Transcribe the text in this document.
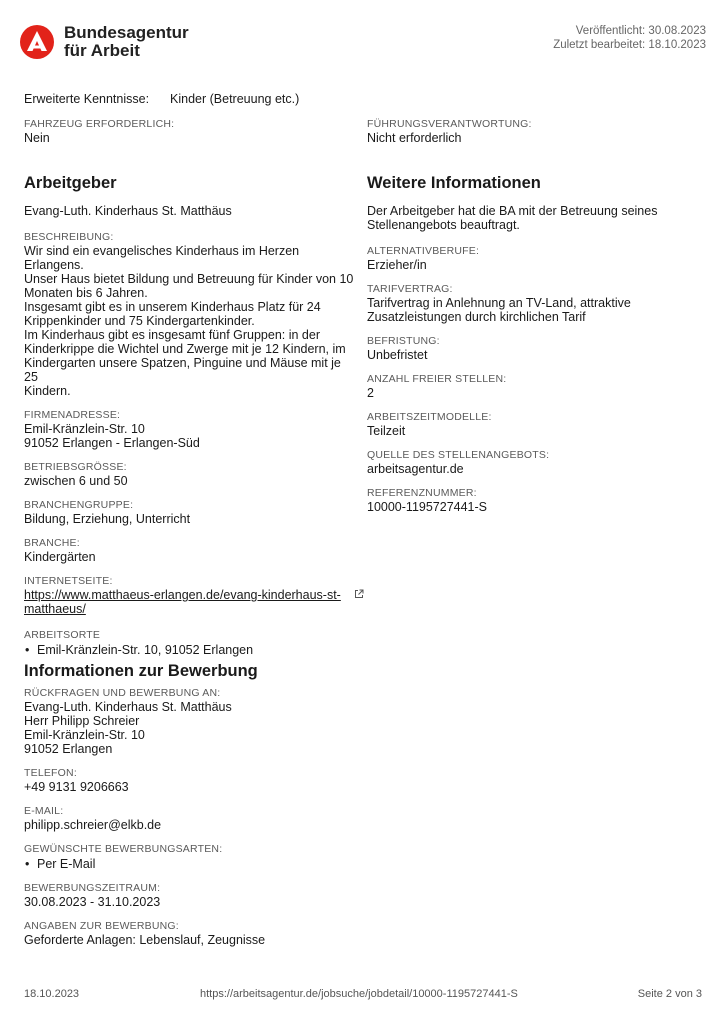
Bundesagentur
für Arbeit
Veröffentlicht: 30.08.2023
Zuletzt bearbeitet: 18.10.2023
Erweiterte Kenntnisse: Kinder (Betreuung etc.)
FAHRZEUG ERFORDERLICH:
Nein
FÜHRUNGSVERANTWORTUNG:
Nicht erforderlich
Arbeitgeber
Evang-Luth. Kinderhaus St. Matthäus
BESCHREIBUNG:
Wir sind ein evangelisches Kinderhaus im Herzen Erlangens.
Unser Haus bietet Bildung und Betreuung für Kinder von 10
Monaten bis 6 Jahren.
Insgesamt gibt es in unserem Kinderhaus Platz für 24
Krippenkinder und 75 Kindergartenkinder.
Im Kinderhaus gibt es insgesamt fünf Gruppen: in der
Kinderkrippe die Wichtel und Zwerge mit je 12 Kindern, im
Kindergarten unsere Spatzen, Pinguine und Mäuse mit je 25
Kindern.
FIRMENADRESSE:
Emil-Kränzlein-Str. 10
91052 Erlangen - Erlangen-Süd
BETRIEBSGRÖSSE:
zwischen 6 und 50
BRANCHENGRUPPE:
Bildung, Erziehung, Unterricht
BRANCHE:
Kindergärten
INTERNETSEITE:
https://www.matthaeus-erlangen.de/evang-kinderhaus-st-
matthaeus/
ARBEITSORTE
• Emil-Kränzlein-Str. 10, 91052 Erlangen
Weitere Informationen
Der Arbeitgeber hat die BA mit der Betreuung seines
Stellenangebots beauftragt.
ALTERNATIVBERUFE:
Erzieher/in
TARIFVERTRAG:
Tarifvertrag in Anlehnung an TV-Land, attraktive
Zusatzleistungen durch kirchlichen Tarif
BEFRISTUNG:
Unbefristet
ANZAHL FREIER STELLEN:
2
ARBEITSZEITMODELLE:
Teilzeit
QUELLE DES STELLENANGEBOTS:
arbeitsagentur.de
REFERENZNUMMER:
10000-1195727441-S
Informationen zur Bewerbung
RÜCKFRAGEN UND BEWERBUNG AN:
Evang-Luth. Kinderhaus St. Matthäus
Herr Philipp Schreier
Emil-Kränzlein-Str. 10
91052 Erlangen
TELEFON:
+49 9131 9206663
E-MAIL:
philipp.schreier@elkb.de
GEWÜNSCHTE BEWERBUNGSARTEN:
• Per E-Mail
BEWERBUNGSZEITRAUM:
30.08.2023 - 31.10.2023
ANGABEN ZUR BEWERBUNG:
Geforderte Anlagen: Lebenslauf, Zeugnisse
18.10.2023	https://arbeitsagentur.de/jobsuche/jobdetail/10000-1195727441-S	Seite 2 von 3
